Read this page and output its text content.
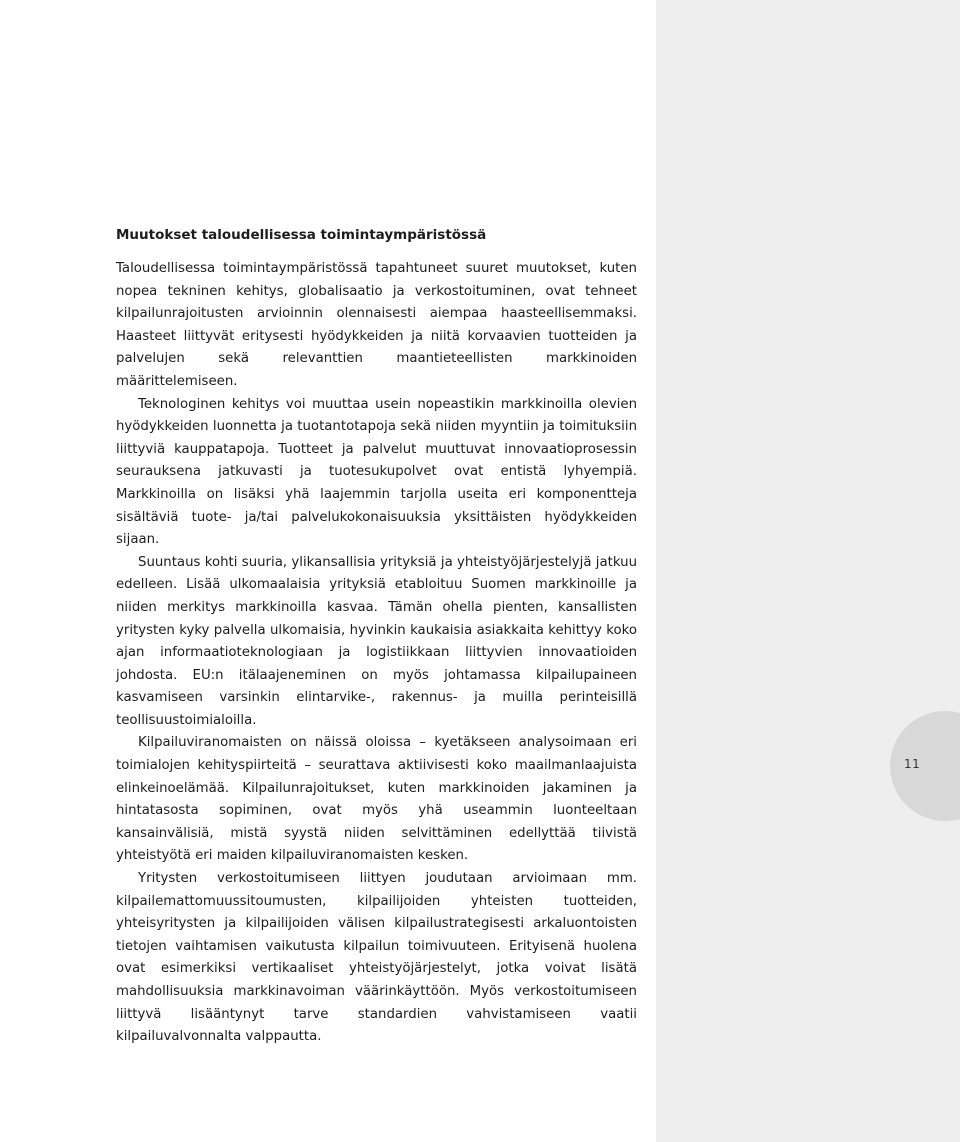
Muutokset taloudellisessa toimintaympäristössä

Taloudellisessa toimintaympäristössä tapahtuneet suuret muutokset, kuten nopea tekninen kehitys, globalisaatio ja verkostoituminen, ovat tehneet kilpailunrajoitusten arvioinnin olennaisesti aiempaa haasteellisemmaksi. Haasteet liittyvät eritysesti hyödykkeiden ja niitä korvaavien tuotteiden ja palvelujen sekä relevanttien maantieteellisten markkinoiden määrittelemiseen.

Teknologinen kehitys voi muuttaa usein nopeastikin markkinoilla olevien hyödykkeiden luonnetta ja tuotantotapoja sekä niiden myyntiin ja toimituksiin liittyviä kauppatapoja. Tuotteet ja palvelut muuttuvat innovaatioprosessin seurauksena jatkuvasti ja tuotesukupolvet ovat entistä lyhyempiä. Markkinoilla on lisäksi yhä laajemmin tarjolla useita eri komponentteja sisältäviä tuote- ja/tai palvelukokonaisuuksia yksittäisten hyödykkeiden sijaan.

Suuntaus kohti suuria, ylikansallisia yrityksiä ja yhteistyöjärjestelyjä jatkuu edelleen. Lisää ulkomaalaisia yrityksiä etabloituu Suomen markkinoille ja niiden merkitys markkinoilla kasvaa. Tämän ohella pienten, kansallisten yritysten kyky palvella ulkomaisia, hyvinkin kaukaisia asiakkaita kehittyy koko ajan informaatioteknologiaan ja logistiikkaan liittyvien innovaatioiden johdosta. EU:n itälaajeneminen on myös johtamassa kilpailupaineen kasvamiseen varsinkin elintarvike-, rakennus- ja muilla perinteisillä teollisuustoimialoilla.

Kilpailuviranomaisten on näissä oloissa – kyetäkseen analysoimaan eri toimialojen kehityspiirteitä – seurattava aktiivisesti koko maailmanlaajuista elinkeinoelämää. Kilpailunrajoitukset, kuten markkinoiden jakaminen ja hintatasosta sopiminen, ovat myös yhä useammin luonteeltaan kansainvälisiä, mistä syystä niiden selvittäminen edellyttää tiivistä yhteistyötä eri maiden kilpailuviranomaisten kesken.

Yritysten verkostoitumiseen liittyen joudutaan arvioimaan mm. kilpailemattomuussitoumusten, kilpailijoiden yhteisten tuotteiden, yhteisyritysten ja kilpailijoiden välisen kilpailustrategisesti arkaluontoisten tietojen vaihtamisen vaikutusta kilpailun toimivuuteen. Erityisenä huolena ovat esimerkiksi vertikaaliset yhteistyöjärjestelyt, jotka voivat lisätä mahdollisuuksia markkinavoiman väärinkäyttöön. Myös verkostoitumiseen liittyvä lisääntynyt tarve standardien vahvistamiseen vaatii kilpailuvalvonnalta valppautta.

11
